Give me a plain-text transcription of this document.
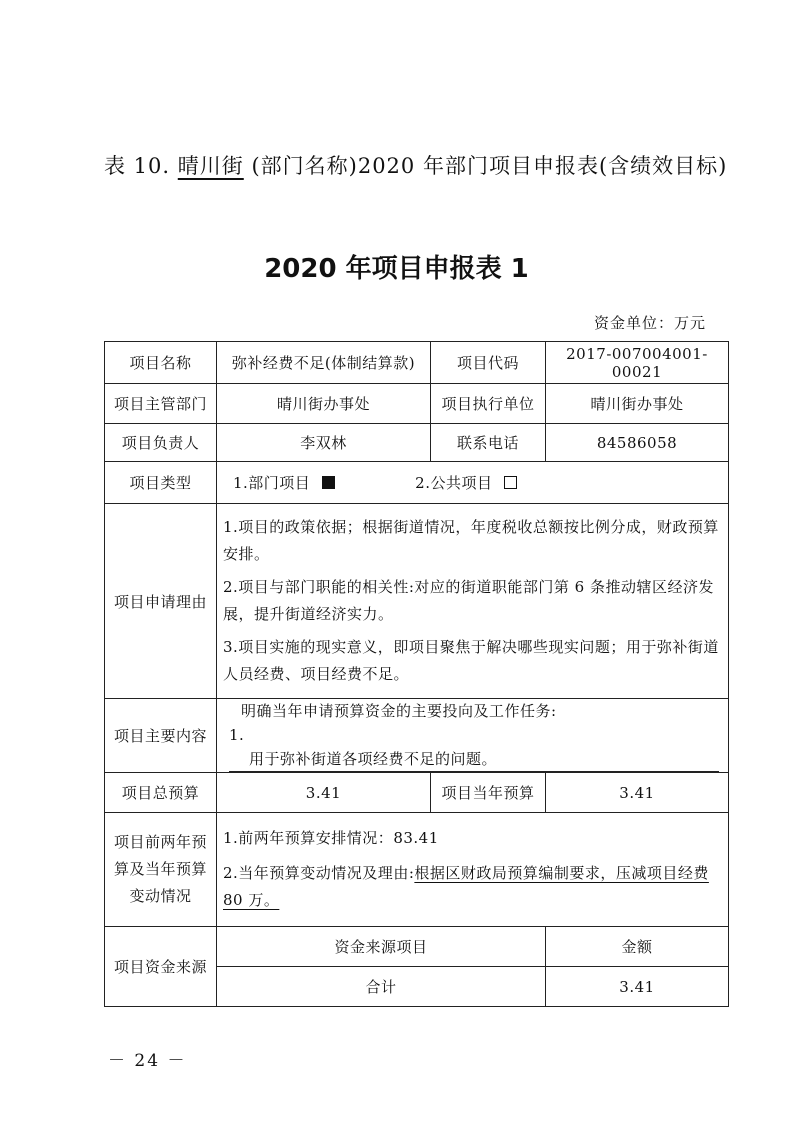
表 10. 晴川街 (部门名称)2020 年部门项目申报表(含绩效目标)
2020 年项目申报表 1
资金单位：万元
项目名称	弥补经费不足(体制结算款)	项目代码	2017-007004001-00021
项目主管部门	晴川街办事处	项目执行单位	晴川街办事处
项目负责人	李双林	联系电话	84586058
项目类型	1.部门项目 2.公共项目		
项目申请理由	1.项目的政策依据；根据街道情况，年度税收总额按比例分成，财政预算安排。
2.项目与部门职能的相关性:对应的街道职能部门第 6 条推动辖区经济发展，提升街道经济实力。
3.项目实施的现实意义，即项目聚焦于解决哪些现实问题；用于弥补街道人员经费、项目经费不足。		

项目主要内容	明确当年申请预算资金的主要投向及工作任务:
1. 用于弥补街道各项经费不足的问题。		

项目总预算	3.41	项目当年预算	3.41
项目前两年预算及当年预算变动情况	1.前两年预算安排情况：83.41
2.当年预算变动情况及理由:根据区财政局预算编制要求，压减项目经费 80 万。		

项目资金来源	资金来源项目		金额
	合计		3.41
－ 24 －
